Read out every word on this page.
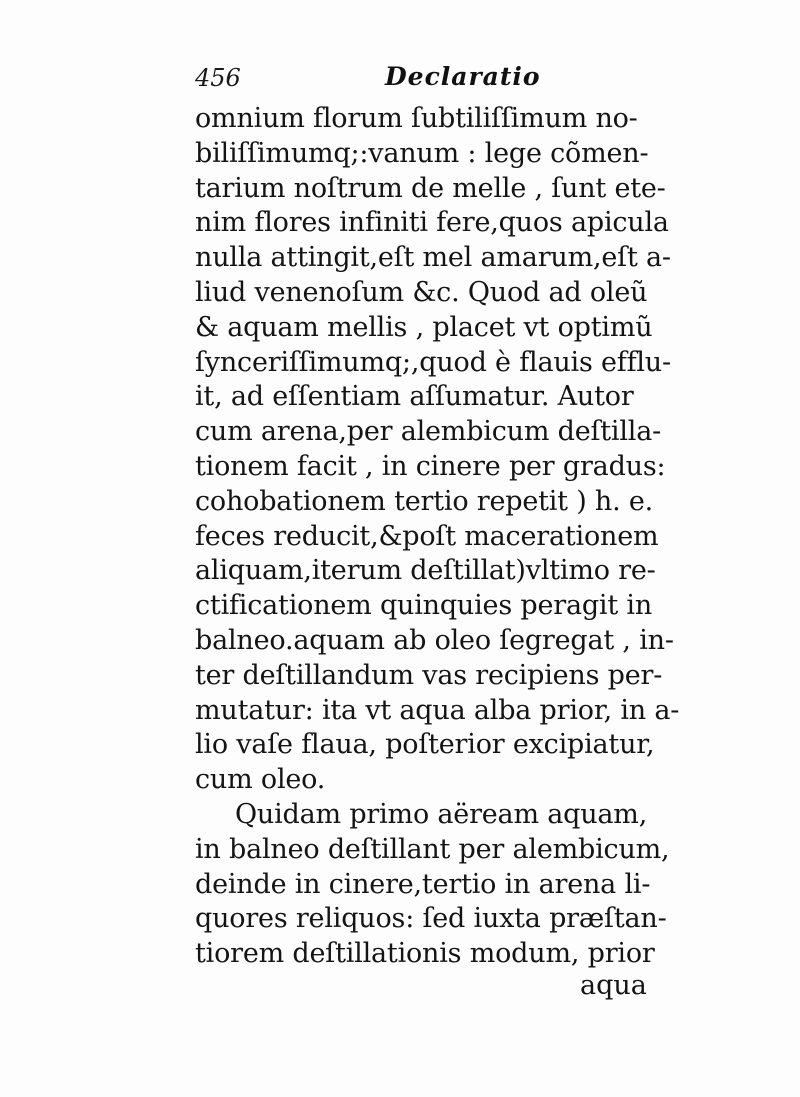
456	Declaratio
omnium florum ſubtiliſſimum no-
biliſſimumq;:vanum : lege cõmen-
tarium noſtrum de melle , ſunt ete-
nim flores infiniti fere,quos apicula
nulla attingit,eſt mel amarum,eſt a-
liud venenoſum &c. Quod ad oleũ
& aquam mellis , placet vt optimũ
ſynceriſſimumq;,quod è flauis efflu-
it, ad eſſentiam aſſumatur. Autor
cum arena,per alembicum deſtilla-
tionem facit , in cinere per gradus:
cohobationem tertio repetit ) h. e.
feces reducit,&poſt macerationem
aliquam,iterum deſtillat)vltimo re-
ctificationem quinquies peragit in
balneo.aquam ab oleo ſegregat , in-
ter deſtillandum vas recipiens per-
mutatur: ita vt aqua alba prior, in a-
lio vaſe flaua, poſterior excipiatur,
cum oleo.
Quidam primo aëream aquam,
in balneo deſtillant per alembicum,
deinde in cinere,tertio in arena li-
quores reliquos: ſed iuxta præſtan-
tiorem deſtillationis modum, prior
aqua
